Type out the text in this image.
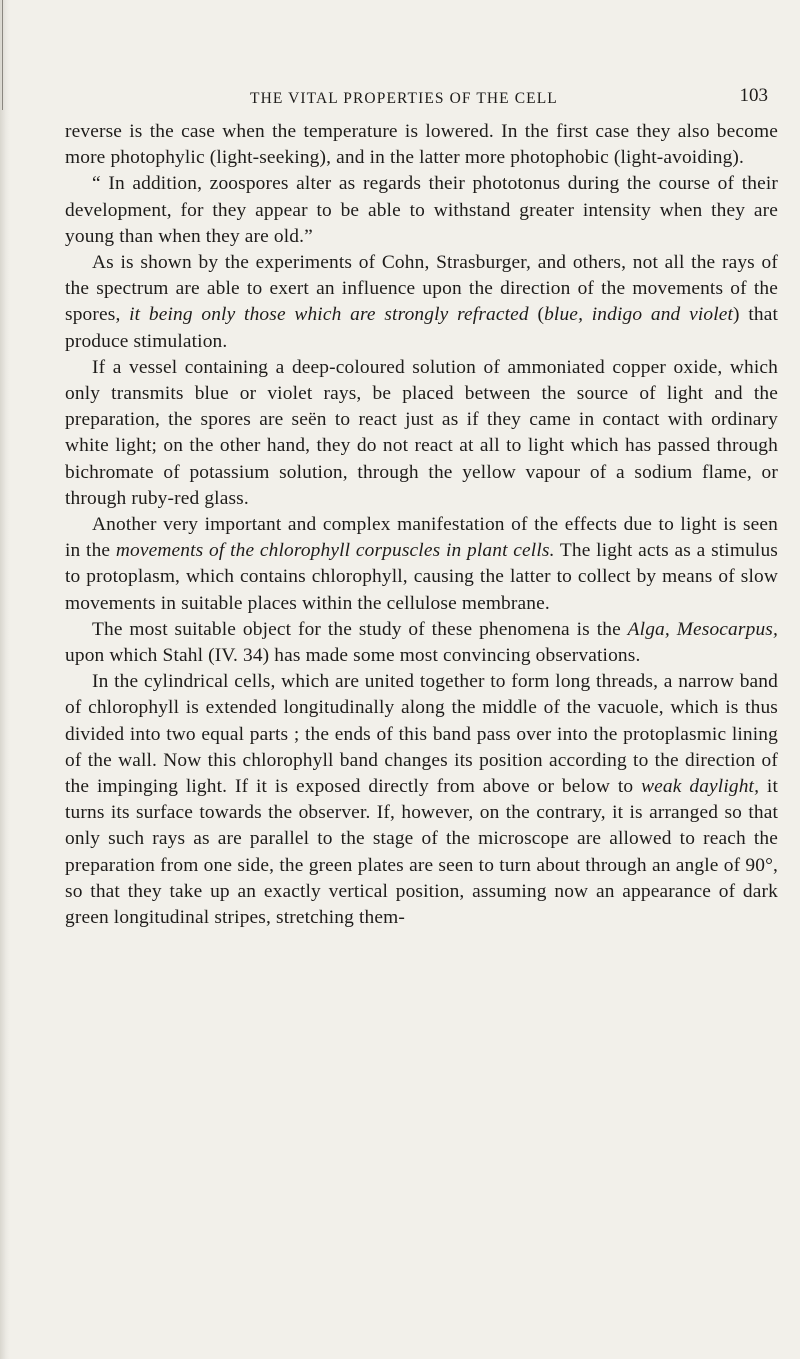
THE VITAL PROPERTIES OF THE CELL	103

reverse is the case when the temperature is lowered. In the first case they also become more photophylic (light-seeking), and in the latter more photophobic (light-avoiding).

“ In addition, zoospores alter as regards their phototonus during the course of their development, for they appear to be able to withstand greater intensity when they are young than when they are old.”

As is shown by the experiments of Cohn, Strasburger, and others, not all the rays of the spectrum are able to exert an influence upon the direction of the movements of the spores, it being only those which are strongly refracted (blue, indigo and violet) that produce stimulation.

If a vessel containing a deep-coloured solution of ammoniated copper oxide, which only transmits blue or violet rays, be placed between the source of light and the preparation, the spores are seën to react just as if they came in contact with ordinary white light; on the other hand, they do not react at all to light which has passed through bichromate of potassium solution, through the yellow vapour of a sodium flame, or through ruby-red glass.

Another very important and complex manifestation of the effects due to light is seen in the movements of the chlorophyll corpuscles in plant cells. The light acts as a stimulus to protoplasm, which contains chlorophyll, causing the latter to collect by means of slow movements in suitable places within the cellulose membrane.

The most suitable object for the study of these phenomena is the Alga, Mesocarpus, upon which Stahl (IV. 34) has made some most convincing observations.

In the cylindrical cells, which are united together to form long threads, a narrow band of chlorophyll is extended longitudinally along the middle of the vacuole, which is thus divided into two equal parts ; the ends of this band pass over into the protoplasmic lining of the wall. Now this chlorophyll band changes its position according to the direction of the impinging light. If it is exposed directly from above or below to weak daylight, it turns its surface towards the observer. If, however, on the contrary, it is arranged so that only such rays as are parallel to the stage of the microscope are allowed to reach the preparation from one side, the green plates are seen to turn about through an angle of 90°, so that they take up an exactly vertical position, assuming now an appearance of dark green longitudinal stripes, stretching them-
